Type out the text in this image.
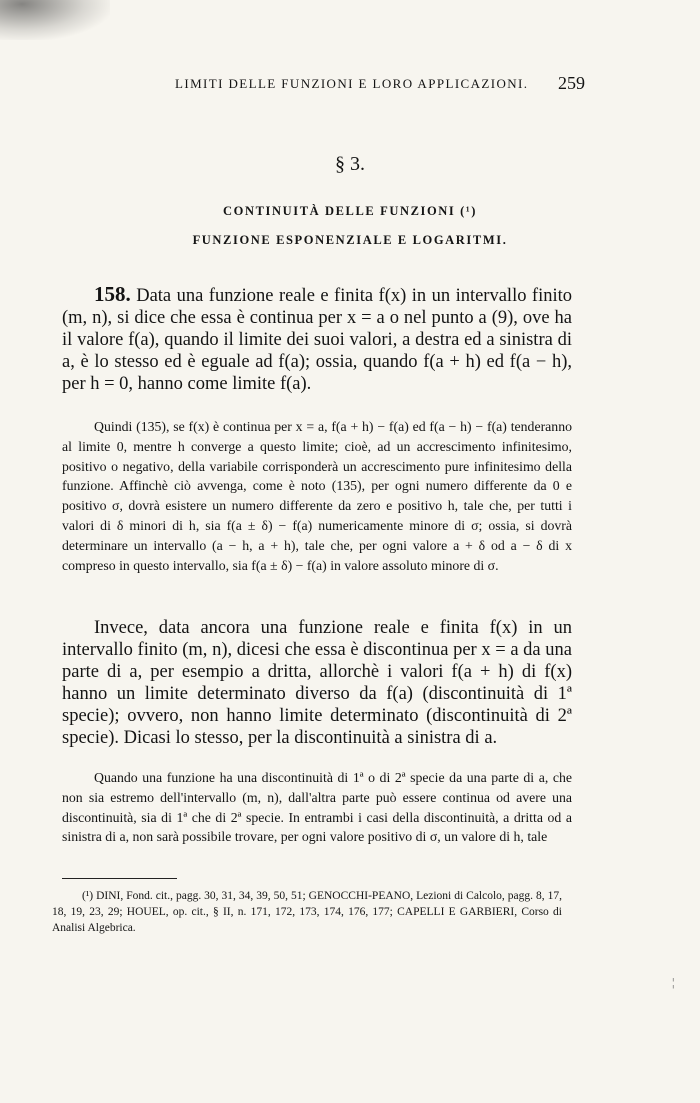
LIMITI DELLE FUNZIONI E LORO APPLICAZIONI.	259
§ 3.
CONTINUITÀ DELLE FUNZIONI (¹)
FUNZIONE ESPONENZIALE E LOGARITMI.
158. Data una funzione reale e finita f(x) in un intervallo finito (m, n), si dice che essa è continua per x = a o nel punto a (9), ove ha il valore f(a), quando il limite dei suoi valori, a destra ed a sinistra di a, è lo stesso ed è eguale ad f(a); ossia, quando f(a + h) ed f(a − h), per h = 0, hanno come limite f(a).
Quindi (135), se f(x) è continua per x = a, f(a + h) − f(a) ed f(a − h) − f(a) tenderanno al limite 0, mentre h converge a questo limite; cioè, ad un accrescimento infinitesimo, positivo o negativo, della variabile corrisponderà un accrescimento pure infinitesimo della funzione. Affinchè ciò avvenga, come è noto (135), per ogni numero differente da 0 e positivo σ, dovrà esistere un numero differente da zero e positivo h, tale che, per tutti i valori di δ minori di h, sia f(a ± δ) − f(a) numericamente minore di σ; ossia, si dovrà determinare un intervallo (a − h, a + h), tale che, per ogni valore a + δ od a − δ di x compreso in questo intervallo, sia f(a ± δ) − f(a) in valore assoluto minore di σ.
Invece, data ancora una funzione reale e finita f(x) in un intervallo finito (m, n), dicesi che essa è discontinua per x = a da una parte di a, per esempio a dritta, allorchè i valori f(a + h) di f(x) hanno un limite determinato diverso da f(a) (discontinuità di 1ª specie); ovvero, non hanno limite determinato (discontinuità di 2ª specie). Dicasi lo stesso, per la discontinuità a sinistra di a.
Quando una funzione ha una discontinuità di 1ª o di 2ª specie da una parte di a, che non sia estremo dell'intervallo (m, n), dall'altra parte può essere continua od avere una discontinuità, sia di 1ª che di 2ª specie. In entrambi i casi della discontinuità, a dritta od a sinistra di a, non sarà possibile trovare, per ogni valore positivo di σ, un valore di h, tale
(¹) DINI, Fond. cit., pagg. 30, 31, 34, 39, 50, 51; GENOCCHI-PEANO, Lezioni di Calcolo, pagg. 8, 17, 18, 19, 23, 29; HOUEL, op. cit., § II, n. 171, 172, 173, 174, 176, 177; CAPELLI E GARBIERI, Corso di Analisi Algebrica.
¦
